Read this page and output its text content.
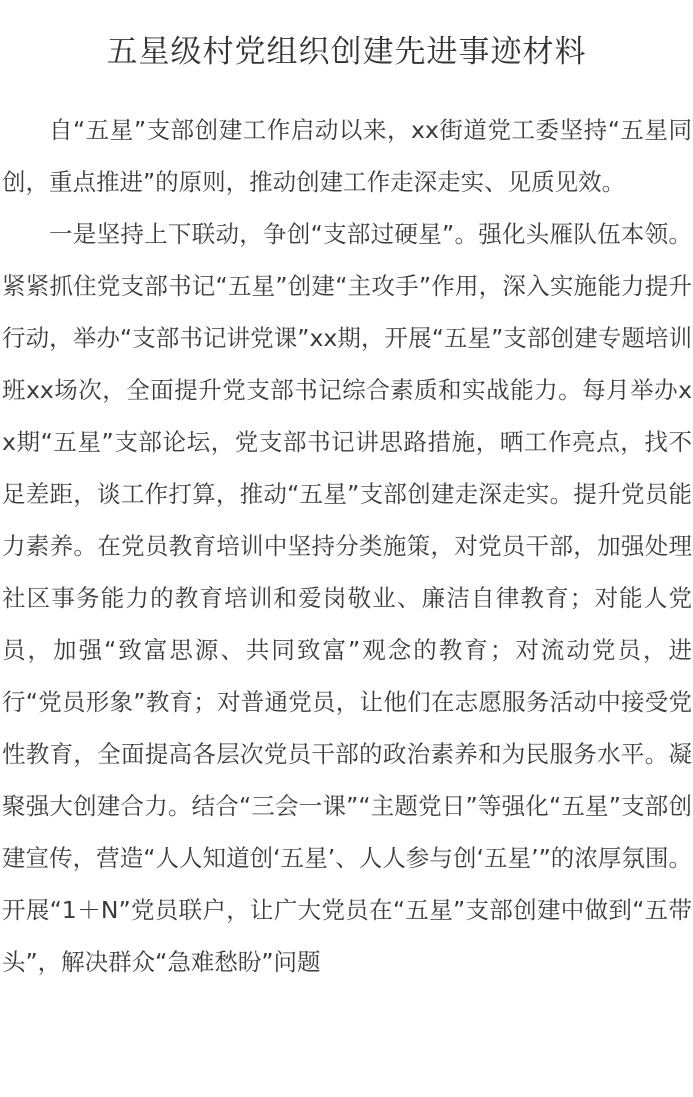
五星级村党组织创建先进事迹材料

自“五星”支部创建工作启动以来，xx街道党工委坚持“五星同创，重点推进”的原则，推动创建工作走深走实、见质见效。

一是坚持上下联动，争创“支部过硬星”。强化头雁队伍本领。紧紧抓住党支部书记“五星”创建“主攻手”作用，深入实施能力提升行动，举办“支部书记讲党课”xx期，开展“五星”支部创建专题培训班xx场次，全面提升党支部书记综合素质和实战能力。每月举办xx期“五星”支部论坛，党支部书记讲思路措施，晒工作亮点，找不足差距，谈工作打算，推动“五星”支部创建走深走实。提升党员能力素养。在党员教育培训中坚持分类施策，对党员干部，加强处理社区事务能力的教育培训和爱岗敬业、廉洁自律教育；对能人党员，加强“致富思源、共同致富”观念的教育；对流动党员，进行“党员形象”教育；对普通党员，让他们在志愿服务活动中接受党性教育，全面提高各层次党员干部的政治素养和为民服务水平。凝聚强大创建合力。结合“三会一课”“主题党日”等强化“五星”支部创建宣传，营造“人人知道创‘五星’、人人参与创‘五星’”的浓厚氛围。开展“1＋N”党员联户，让广大党员在“五星”支部创建中做到“五带头”，解决群众“急难愁盼”问题
